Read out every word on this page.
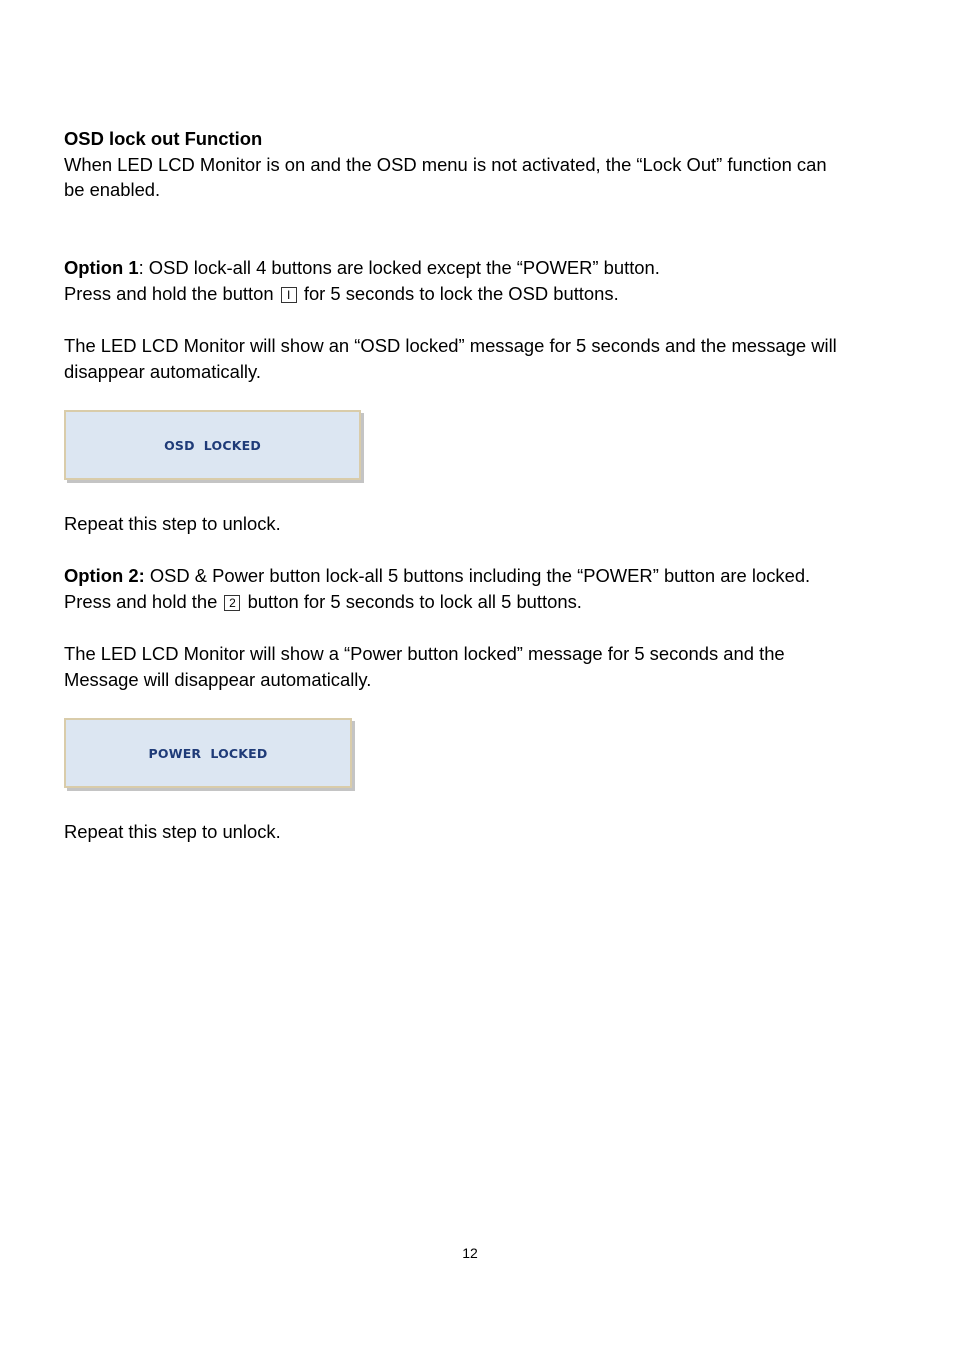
OSD lock out Function

When LED LCD Monitor is on and the OSD menu is not activated, the “Lock Out” function can

be enabled.

Option 1: OSD lock-all 4 buttons are locked except the “POWER” button.

Press and hold the button I for 5 seconds to lock the OSD buttons.

The LED LCD Monitor will show an “OSD locked” message for 5 seconds and the message will

disappear automatically.

OSD  LOCKED

Repeat this step to unlock.

Option 2: OSD & Power button lock-all 5 buttons including the “POWER” button are locked.

Press and hold the 2 button for 5 seconds to lock all 5 buttons.

The LED LCD Monitor will show a “Power button locked” message for 5 seconds and the

Message will disappear automatically.

POWER  LOCKED

Repeat this step to unlock.

12
